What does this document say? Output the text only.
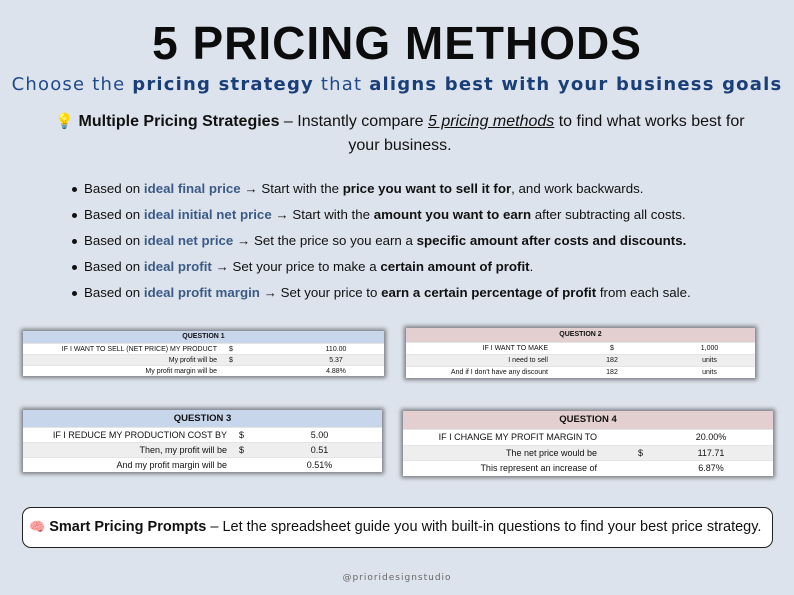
5 PRICING METHODS
Choose the pricing strategy that aligns best with your business goals
💡 Multiple Pricing Strategies – Instantly compare 5 pricing methods to find what works best for your business.
Based on ideal final price → Start with the price you want to sell it for, and work backwards.
Based on ideal initial net price → Start with the amount you want to earn after subtracting all costs.
Based on ideal net price → Set the price so you earn a specific amount after costs and discounts.
Based on ideal profit → Set your price to make a certain amount of profit.
Based on ideal profit margin → Set your price to earn a certain percentage of profit from each sale.
QUESTION 1
IF I WANT TO SELL (NET PRICE) MY PRODUCT	$	110.00
My profit will be	$	5.37
My profit margin will be	4.88%
QUESTION 2
IF I WANT TO MAKE	$	1,000
I need to sell	182	units
And if I don't have any discount	182	units
QUESTION 3
IF I REDUCE MY PRODUCTION COST BY	$	5.00
Then, my profit will be	$	0.51
And my profit margin will be	0.51%
QUESTION 4
IF I CHANGE MY PROFIT MARGIN TO	20.00%
The net price would be	$	117.71
This represent an increase of	6.87%
🧠 Smart Pricing Prompts – Let the spreadsheet guide you with built-in questions to find your best price strategy.
@prioridesignstudio
